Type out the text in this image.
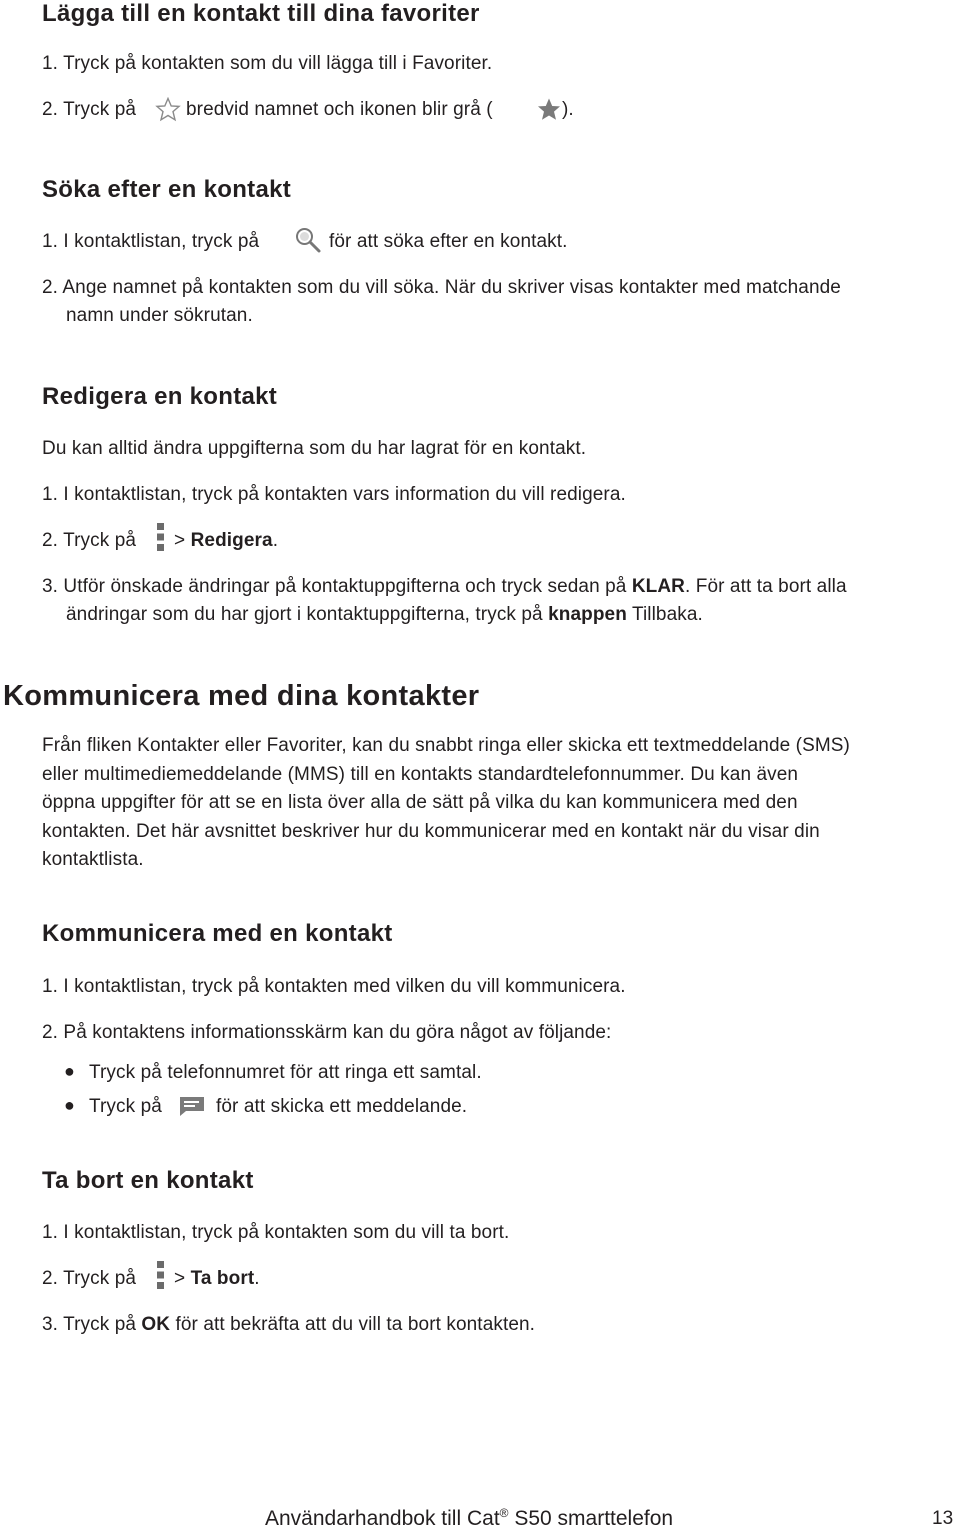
Lägga till en kontakt till dina favoriter
1. Tryck på kontakten som du vill lägga till i Favoriter.
2. Tryck på	bredvid namnet och ikonen blir grå (	).
Söka efter en kontakt
1. I kontaktlistan, tryck på	för att söka efter en kontakt.
2. Ange namnet på kontakten som du vill söka. När du skriver visas kontakter med matchande
namn under sökrutan.
Redigera en kontakt
Du kan alltid ändra uppgifterna som du har lagrat för en kontakt.
1. I kontaktlistan, tryck på kontakten vars information du vill redigera.
2. Tryck på > Redigera.
3. Utför önskade ändringar på kontaktuppgifterna och tryck sedan på KLAR. För att ta bort alla
ändringar som du har gjort i kontaktuppgifterna, tryck på knappen Tillbaka.
Kommunicera med dina kontakter
Från fliken Kontakter eller Favoriter, kan du snabbt ringa eller skicka ett textmeddelande (SMS)
eller multimediemeddelande (MMS) till en kontakts standardtelefonnummer. Du kan även
öppna uppgifter för att se en lista över alla de sätt på vilka du kan kommunicera med den
kontakten. Det här avsnittet beskriver hur du kommunicerar med en kontakt när du visar din
kontaktlista.
Kommunicera med en kontakt
1. I kontaktlistan, tryck på kontakten med vilken du vill kommunicera.
2. På kontaktens informationsskärm kan du göra något av följande:
● Tryck på telefonnumret för att ringa ett samtal.
● Tryck på	för att skicka ett meddelande.
Ta bort en kontakt
1. I kontaktlistan, tryck på kontakten som du vill ta bort.
2. Tryck på > Ta bort.
3. Tryck på OK för att bekräfta att du vill ta bort kontakten.
Användarhandbok till Cat® S50 smarttelefon	13
